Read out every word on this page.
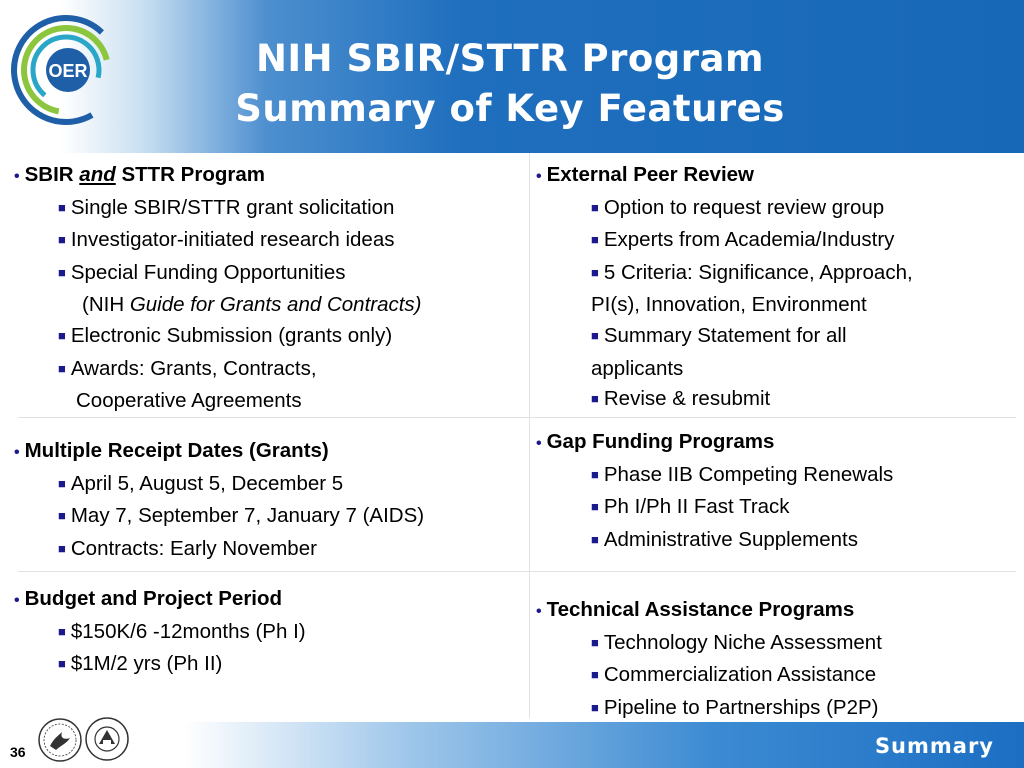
OER	NIH SBIR/STTR Program
Summary of Key Features
• SBIR and STTR Program
■ Single SBIR/STTR grant solicitation
■ Investigator-initiated research ideas
■ Special Funding Opportunities
(NIH Guide for Grants and Contracts)
■ Electronic Submission (grants only)
■ Awards: Grants, Contracts,
Cooperative Agreements
• External Peer Review
■ Option to request review group
■ Experts from Academia/Industry
■ 5 Criteria: Significance, Approach,
PI(s), Innovation, Environment
■ Summary Statement for all
applicants
■ Revise & resubmit
• Multiple Receipt Dates (Grants)
■ April 5, August 5, December 5
■ May 7, September 7, January 7 (AIDS)
■ Contracts: Early November
• Gap Funding Programs
■ Phase IIB Competing Renewals
■ Ph I/Ph II Fast Track
■ Administrative Supplements
• Budget and Project Period
■ $150K/6 -12months (Ph I)
■ $1M/2 yrs (Ph II)
• Technical Assistance Programs
■ Technology Niche Assessment
■ Commercialization Assistance
■ Pipeline to Partnerships (P2P)
36	Summary
